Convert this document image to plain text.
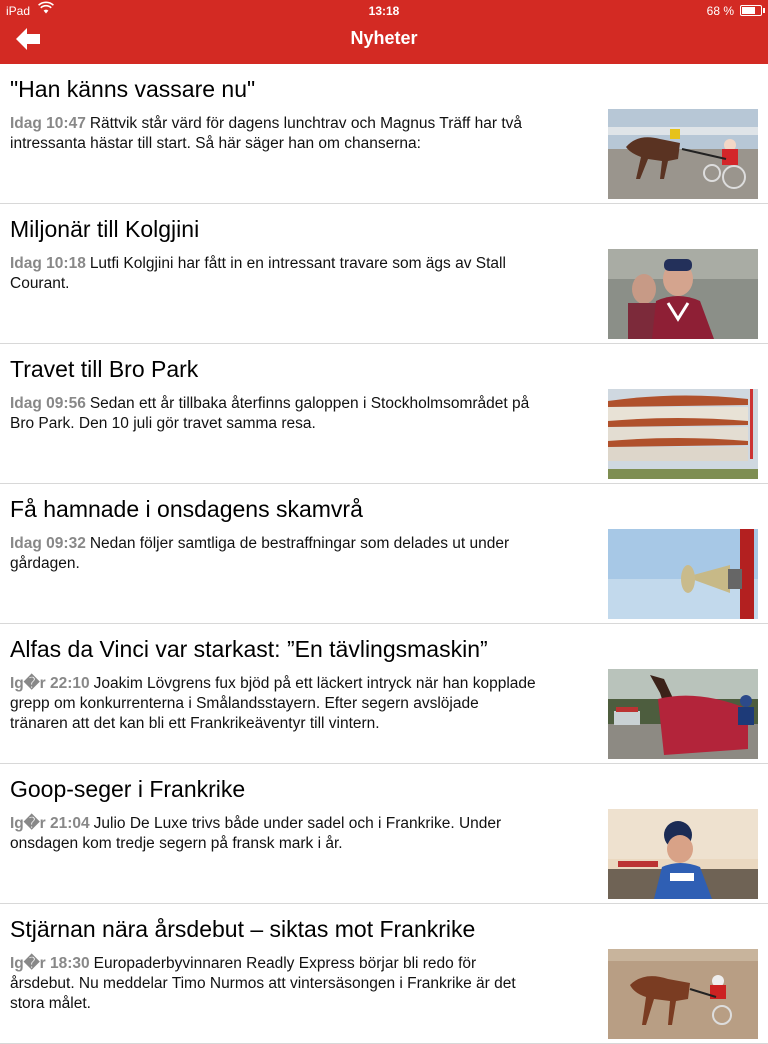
iPad	13:18	68 %
Nyheter
"Han känns vassare nu"

Idag 10:47 Rättvik står värd för dagens lunchtrav och Magnus Träff har två intressanta hästar till start. Så här säger han om chanserna:

Miljonär till Kolgjini

Idag 10:18 Lutfi Kolgjini har fått in en intressant travare som ägs av Stall Courant.

Travet till Bro Park

Idag 09:56 Sedan ett år tillbaka återfinns galoppen i Stockholmsområdet på Bro Park. Den 10 juli gör travet samma resa.

Få hamnade i onsdagens skamvrå

Idag 09:32 Nedan följer samtliga de bestraffningar som delades ut under gårdagen.

Alfas da Vinci var starkast: ”En tävlingsmaskin”

Ig�r 22:10 Joakim Lövgrens fux bjöd på ett läckert intryck när han kopplade grepp om konkurrenterna i Smålandsstayern. Efter segern avslöjade tränaren att det kan bli ett Frankrikeäventyr till vintern.

Goop-seger i Frankrike

Ig�r 21:04 Julio De Luxe trivs både under sadel och i Frankrike. Under onsdagen kom tredje segern på fransk mark i år.

Stjärnan nära årsdebut – siktas mot Frankrike

Ig�r 18:30 Europaderbyvinnaren Readly Express börjar bli redo för årsdebut. Nu meddelar Timo Nurmos att vintersäsongen i Frankrike är det stora målet.
